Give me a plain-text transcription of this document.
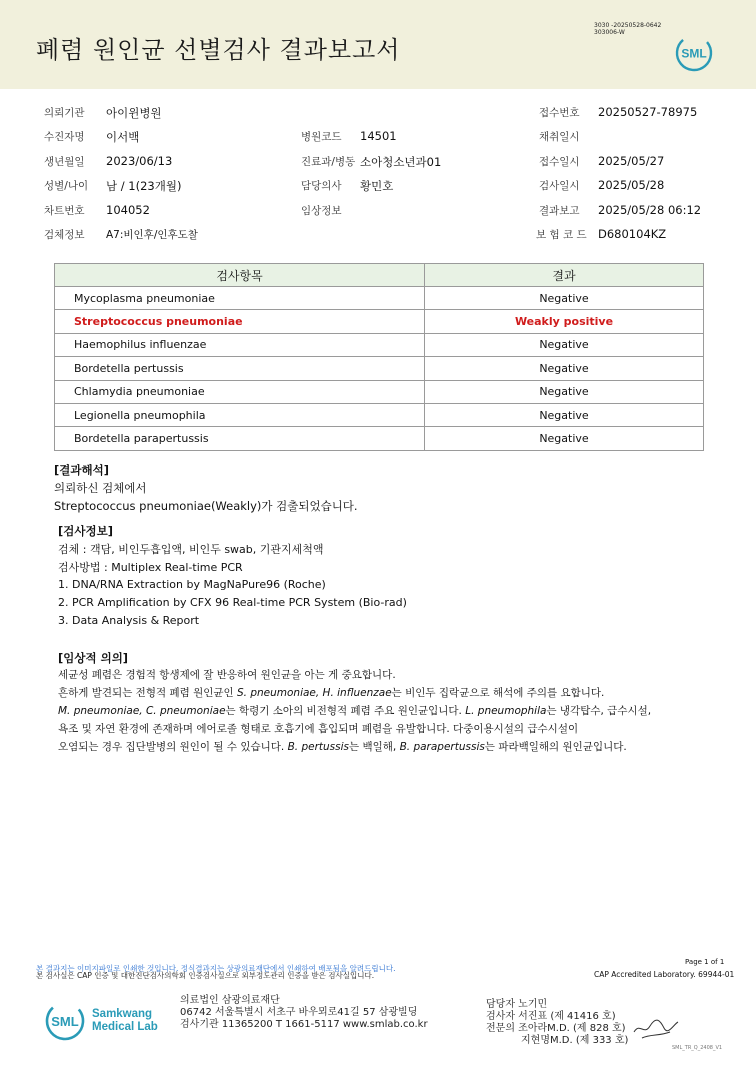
폐렴 원인균 선별검사 결과보고서
3030 -20250528-0642
303006-W
SML
의뢰기관 아이윈병원	접수번호 20250527-78975
수진자명 이서백	병원코드 14501	채취일시
생년월일 2023/06/13	진료과/병동 소아청소년과01	접수일시 2025/05/27
성별/나이 남 / 1(23개월)	담당의사 황민호	검사일시 2025/05/28
차트번호 104052	임상정보	결과보고 2025/05/28 06:12
검체정보 A7:비인후/인후도찰	보 험 코 드 D680104KZ
검사항목	결과
Mycoplasma pneumoniae	Negative
Streptococcus pneumoniae	Weakly positive
Haemophilus influenzae	Negative
Bordetella pertussis	Negative
Chlamydia pneumoniae	Negative
Legionella pneumophila	Negative
Bordetella parapertussis	Negative
[결과해석]
의뢰하신 검체에서
Streptococcus pneumoniae(Weakly)가 검출되었습니다.
[검사정보]
검체 : 객담, 비인두흡입액, 비인두 swab, 기관지세척액
검사방법 : Multiplex Real-time PCR
1. DNA/RNA Extraction by MagNaPure96 (Roche)
2. PCR Amplification by CFX 96 Real-time PCR System (Bio-rad)
3. Data Analysis & Report
[임상적 의의]
세균성 폐렴은 경험적 항생제에 잘 반응하여 원인균을 아는 게 중요합니다.
흔하게 발견되는 전형적 폐렴 원인균인 S. pneumoniae, H. influenzae는 비인두 집락균으로 해석에 주의를 요합니다.
M. pneumoniae, C. pneumoniae는 학령기 소아의 비전형적 폐렴 주요 원인균입니다. L. pneumophila는 냉각탑수, 급수시설,
욕조 및 자연 환경에 존재하며 에어로졸 형태로 호흡기에 흡입되며 폐렴을 유발합니다. 다중이용시설의 급수시설이
오염되는 경우 집단발병의 원인이 될 수 있습니다. B. pertussis는 백일해, B. parapertussis는 파라백일해의 원인균입니다.
Page 1 of 1
본 결과지는 이미지파일로 인쇄한 것입니다. 정식결과지는 상광의료재단에서 인쇄하여 배포됨을 알려드립니다.
본 검사실은 CAP 인증 및 대한진단검사의학회 인증검사실으로 외부정도관리 인증을 받은 검사실입니다.	CAP Accredited Laboratory. 69944-01
SML Samkwang
Medical Lab
의료법인 삼광의료재단
06742 서울특별시 서초구 바우뫼로41길 57 삼광빌딩
검사기관 11365200 T 1661-5117 www.smlab.co.kr
담당자 노기민
검사자 서진표 (제 41416 호)
전문의 조아라M.D. (제 828 호)
지현명M.D. (제 333 호)
SML_TR_Q_2408_V1
